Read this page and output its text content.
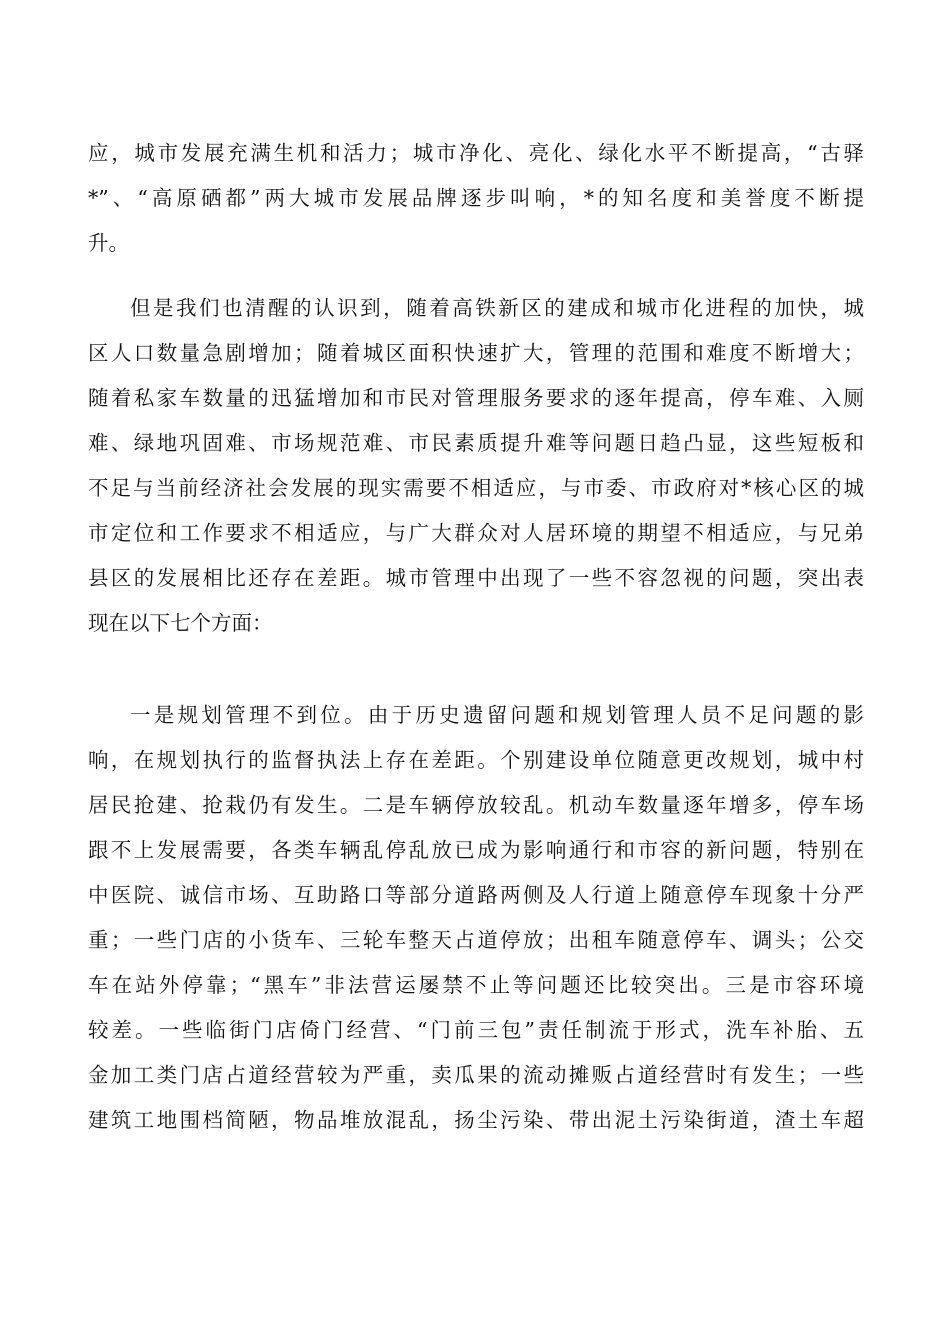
应，城市发展充满生机和活力；城市净化、亮化、绿化水平不断提高，“古驿
*”、“高原硒都”两大城市发展品牌逐步叫响，*的知名度和美誉度不断提
升。
但是我们也清醒的认识到，随着高铁新区的建成和城市化进程的加快，城
区人口数量急剧增加；随着城区面积快速扩大，管理的范围和难度不断增大；
随着私家车数量的迅猛增加和市民对管理服务要求的逐年提高，停车难、入厕
难、绿地巩固难、市场规范难、市民素质提升难等问题日趋凸显，这些短板和
不足与当前经济社会发展的现实需要不相适应，与市委、市政府对*核心区的城
市定位和工作要求不相适应，与广大群众对人居环境的期望不相适应，与兄弟
县区的发展相比还存在差距。城市管理中出现了一些不容忽视的问题，突出表
现在以下七个方面：
一是规划管理不到位。由于历史遗留问题和规划管理人员不足问题的影
响，在规划执行的监督执法上存在差距。个别建设单位随意更改规划，城中村
居民抢建、抢栽仍有发生。二是车辆停放较乱。机动车数量逐年增多，停车场
跟不上发展需要，各类车辆乱停乱放已成为影响通行和市容的新问题，特别在
中医院、诚信市场、互助路口等部分道路两侧及人行道上随意停车现象十分严
重；一些门店的小货车、三轮车整天占道停放；出租车随意停车、调头；公交
车在站外停靠；“黑车”非法营运屡禁不止等问题还比较突出。三是市容环境
较差。一些临街门店倚门经营、“门前三包”责任制流于形式，洗车补胎、五
金加工类门店占道经营较为严重，卖瓜果的流动摊贩占道经营时有发生；一些
建筑工地围档简陋，物品堆放混乱，扬尘污染、带出泥土污染街道，渣土车超
